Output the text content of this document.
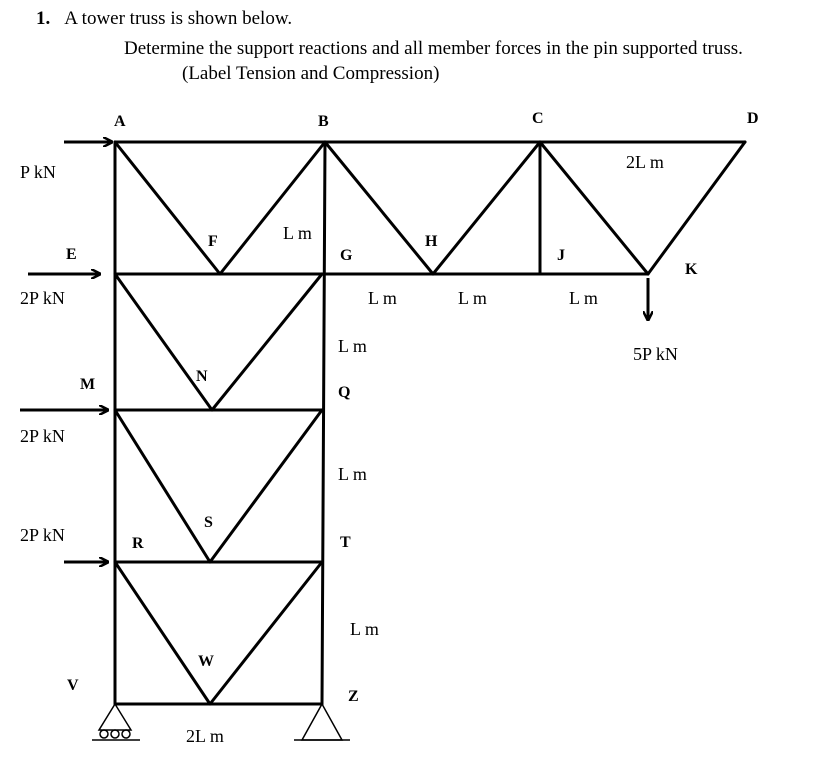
1. A tower truss is shown below.
Determine the support reactions and all member forces in the pin supported truss.
(Label Tension and Compression)
A	B	C	D
E
F
G
H
J
K
M	N
Q
R
S
T
V
W
Z
P kN
2P kN
2P kN
2P kN
5P kN
L m
2L m
L m	L m	L m
L m
L m
L m
2L m
